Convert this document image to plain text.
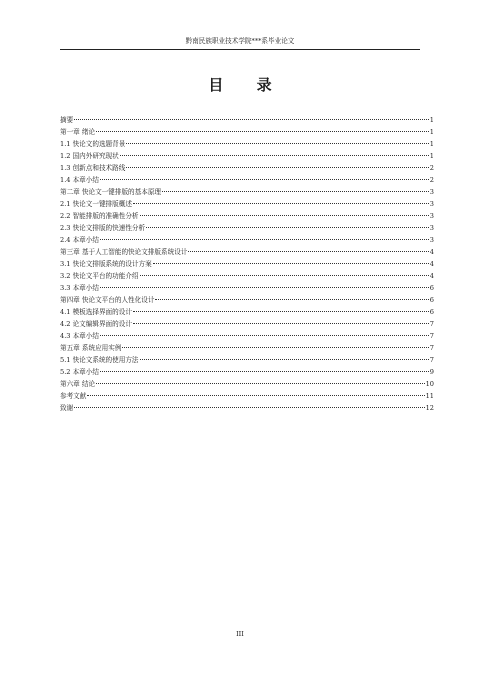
黔南民族职业技术学院***系毕业论文
目 录
摘要	1
第一章 绪论	1
1.1 快论文的选题背景	1
1.2 国内外研究现状	1
1.3 创新点和技术路线	2
1.4 本章小结	2
第二章 快论文一键排版的基本原理	3
2.1 快论文一键排版概述	3
2.2 智能排版的准确性分析	3
2.3 快论文排版的快速性分析	3
2.4 本章小结	3
第三章 基于人工智能的快论文排版系统设计	4
3.1 快论文排版系统的设计方案	4
3.2 快论文平台的功能介绍	4
3.3 本章小结	6
第四章 快论文平台的人性化设计	6
4.1 模板选择界面的设计	6
4.2 论文编辑界面的设计	7
4.3 本章小结	7
第五章 系统应用实例	7
5.1 快论文系统的使用方法	7
5.2 本章小结	9
第六章 结论	10
参考文献	11
致谢	12
III
